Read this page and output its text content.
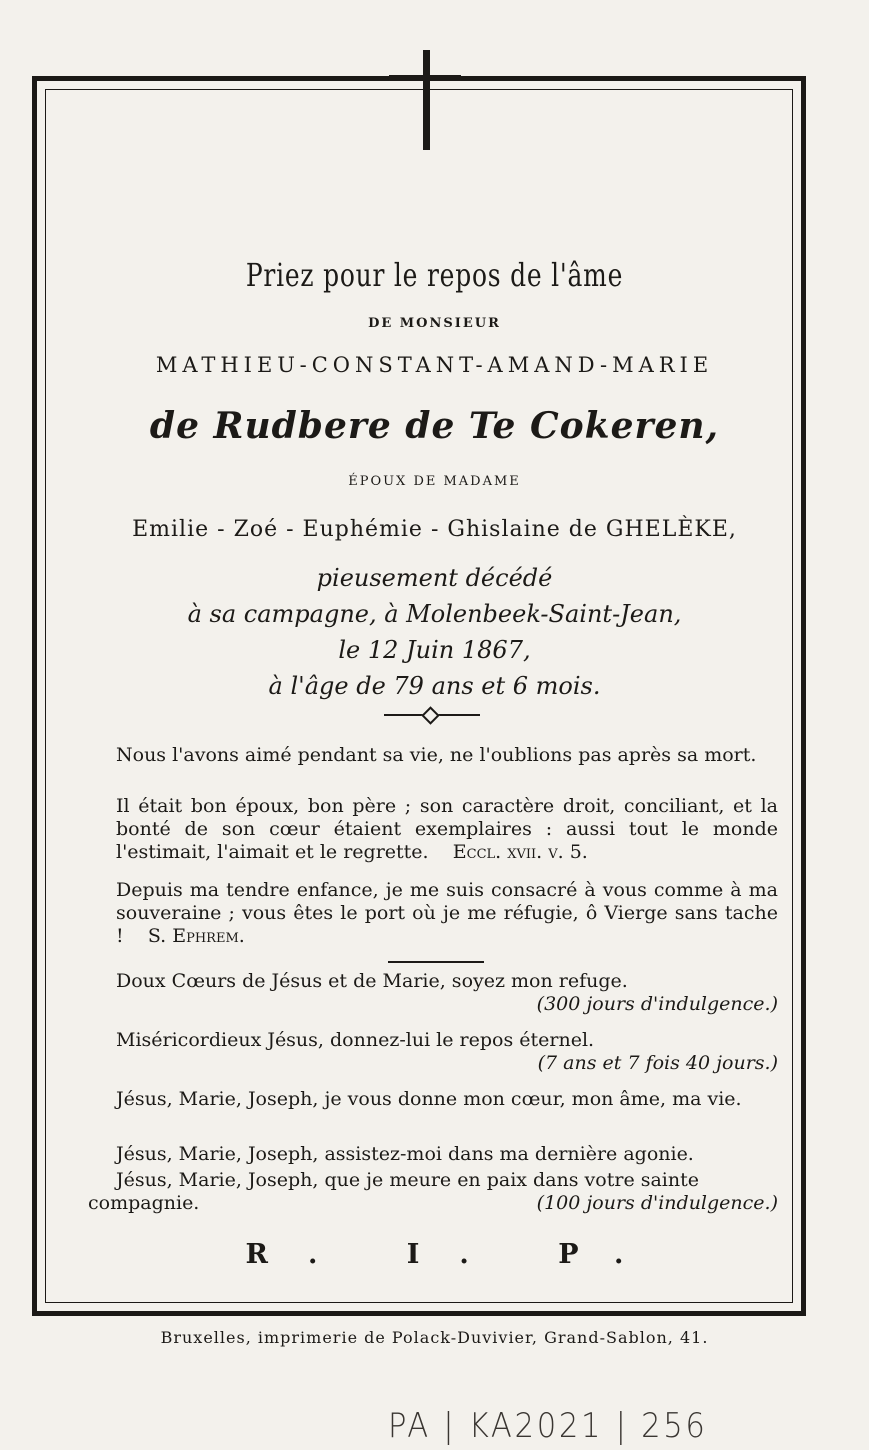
Priez pour le repos de l'âme
DE MONSIEUR
MATHIEU-CONSTANT-AMAND-MARIE
de Rudbere de Te Cokeren,
ÉPOUX DE MADAME
Emilie - Zoé - Euphémie - Ghislaine de GHELÈKE,
pieusement décédé
à sa campagne, à Molenbeek-Saint-Jean,
le 12 Juin 1867,
à l'âge de 79 ans et 6 mois.
Nous l'avons aimé pendant sa vie, ne l'oublions pas après sa mort.
Il était bon époux, bon père ; son caractère droit, conciliant, et la bonté de son cœur étaient exemplaires : aussi tout le monde l'estimait, l'aimait et le regrette. Eccl. xvii. v. 5.
Depuis ma tendre enfance, je me suis consacré à vous comme à ma souveraine ; vous êtes le port où je me réfugie, ô Vierge sans tache ! S. Ephrem.
Doux Cœurs de Jésus et de Marie, soyez mon refuge.
(300 jours d'indulgence.)
Miséricordieux Jésus, donnez-lui le repos éternel.
(7 ans et 7 fois 40 jours.)
Jésus, Marie, Joseph, je vous donne mon cœur, mon âme, ma vie.
Jésus, Marie, Joseph, assistez-moi dans ma dernière agonie.
Jésus, Marie, Joseph, que je meure en paix dans votre sainte
compagnie.	(100 jours d'indulgence.)
R. I. P.
Bruxelles, imprimerie de Polack-Duvivier, Grand-Sablon, 41.
PA | KA2021 | 256
